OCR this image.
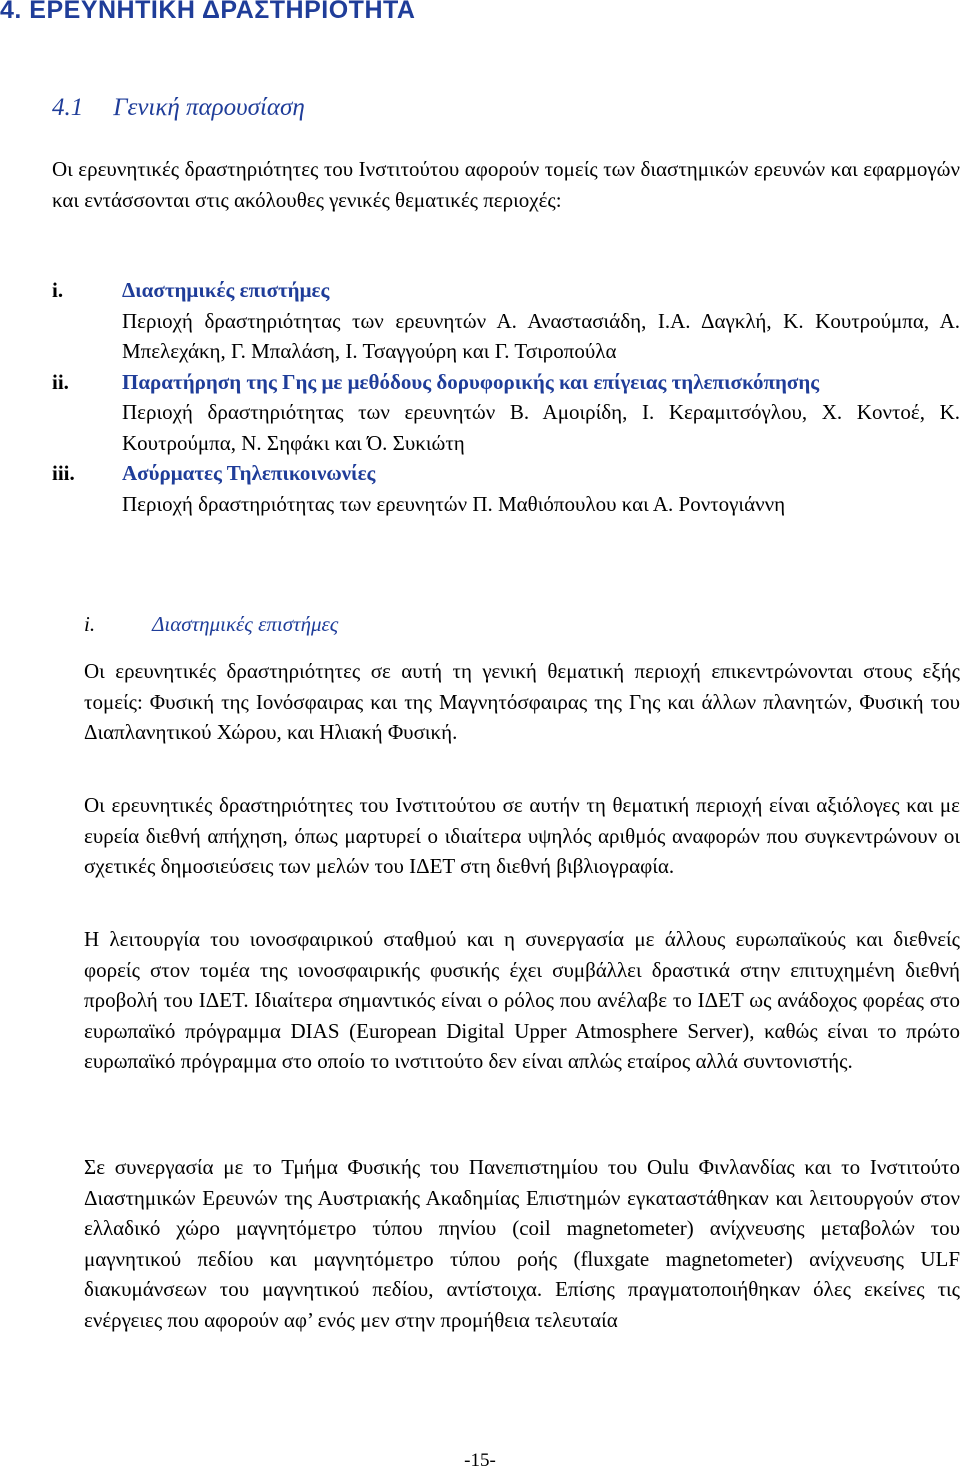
4. ΕΡΕΥΝΗΤΙΚΗ ΔΡΑΣΤΗΡΙΟΤΗΤΑ
4.1 Γενική παρουσίαση

Οι ερευνητικές δραστηριότητες του Ινστιτούτου αφορούν τομείς των διαστημικών ερευνών και εφαρμογών και εντάσσονται στις ακόλουθες γενικές θεματικές περιοχές:

i.	Διαστημικές επιστήμες
Περιοχή δραστηριότητας των ερευνητών Α. Αναστασιάδη, Ι.Α. Δαγκλή, Κ. Κουτρούμπα, Α. Μπελεχάκη, Γ. Μπαλάση, Ι. Τσαγγούρη και Γ. Τσιροπούλα
ii.	Παρατήρηση της Γης με μεθόδους δορυφορικής και επίγειας τηλεπισκόπησης
Περιοχή δραστηριότητας των ερευνητών Β. Αμοιρίδη, Ι. Κεραμιτσόγλου, Χ. Κοντοέ, Κ. Κουτρούμπα, Ν. Σηφάκι και Ό. Συκιώτη
iii.	Ασύρματες Τηλεπικοινωνίες
Περιοχή δραστηριότητας των ερευνητών Π. Μαθιόπουλου και Α. Ροντογιάννη
i.	Διαστημικές επιστήμες

Οι ερευνητικές δραστηριότητες σε αυτή τη γενική θεματική περιοχή επικεντρώνονται στους εξής τομείς: Φυσική της Ιονόσφαιρας και της Μαγνητόσφαιρας της Γης και άλλων πλανητών, Φυσική του Διαπλανητικού Χώρου, και Ηλιακή Φυσική.

Οι ερευνητικές δραστηριότητες του Ινστιτούτου σε αυτήν τη θεματική περιοχή είναι αξιόλογες και με ευρεία διεθνή απήχηση, όπως μαρτυρεί ο ιδιαίτερα υψηλός αριθμός αναφορών που συγκεντρώνουν οι σχετικές δημοσιεύσεις των μελών του ΙΔΕΤ στη διεθνή βιβλιογραφία.

Η λειτουργία του ιονοσφαιρικού σταθμού και η συνεργασία με άλλους ευρωπαϊκούς και διεθνείς φορείς στον τομέα της ιονοσφαιρικής φυσικής έχει συμβάλλει δραστικά στην επιτυχημένη διεθνή προβολή του ΙΔΕΤ. Ιδιαίτερα σημαντικός είναι ο ρόλος που ανέλαβε το ΙΔΕΤ ως ανάδοχος φορέας στο ευρωπαϊκό πρόγραμμα DIAS (European Digital Upper Atmosphere Server), καθώς είναι το πρώτο ευρωπαϊκό πρόγραμμα στο οποίο το ινστιτούτο δεν είναι απλώς εταίρος αλλά συντονιστής.

Σε συνεργασία με το Τμήμα Φυσικής του Πανεπιστημίου του Oulu Φινλανδίας και το Ινστιτούτο Διαστημικών Ερευνών της Αυστριακής Ακαδημίας Επιστημών εγκαταστάθηκαν και λειτουργούν στον ελλαδικό χώρο μαγνητόμετρο τύπου πηνίου (coil magnetometer) ανίχνευσης μεταβολών του μαγνητικού πεδίου και μαγνητόμετρο τύπου ροής (fluxgate magnetometer) ανίχνευσης ULF διακυμάνσεων του μαγνητικού πεδίου, αντίστοιχα. Επίσης πραγματοποιήθηκαν όλες εκείνες τις ενέργειες που αφορούν αφ’ ενός μεν στην προμήθεια τελευταία

-15-
